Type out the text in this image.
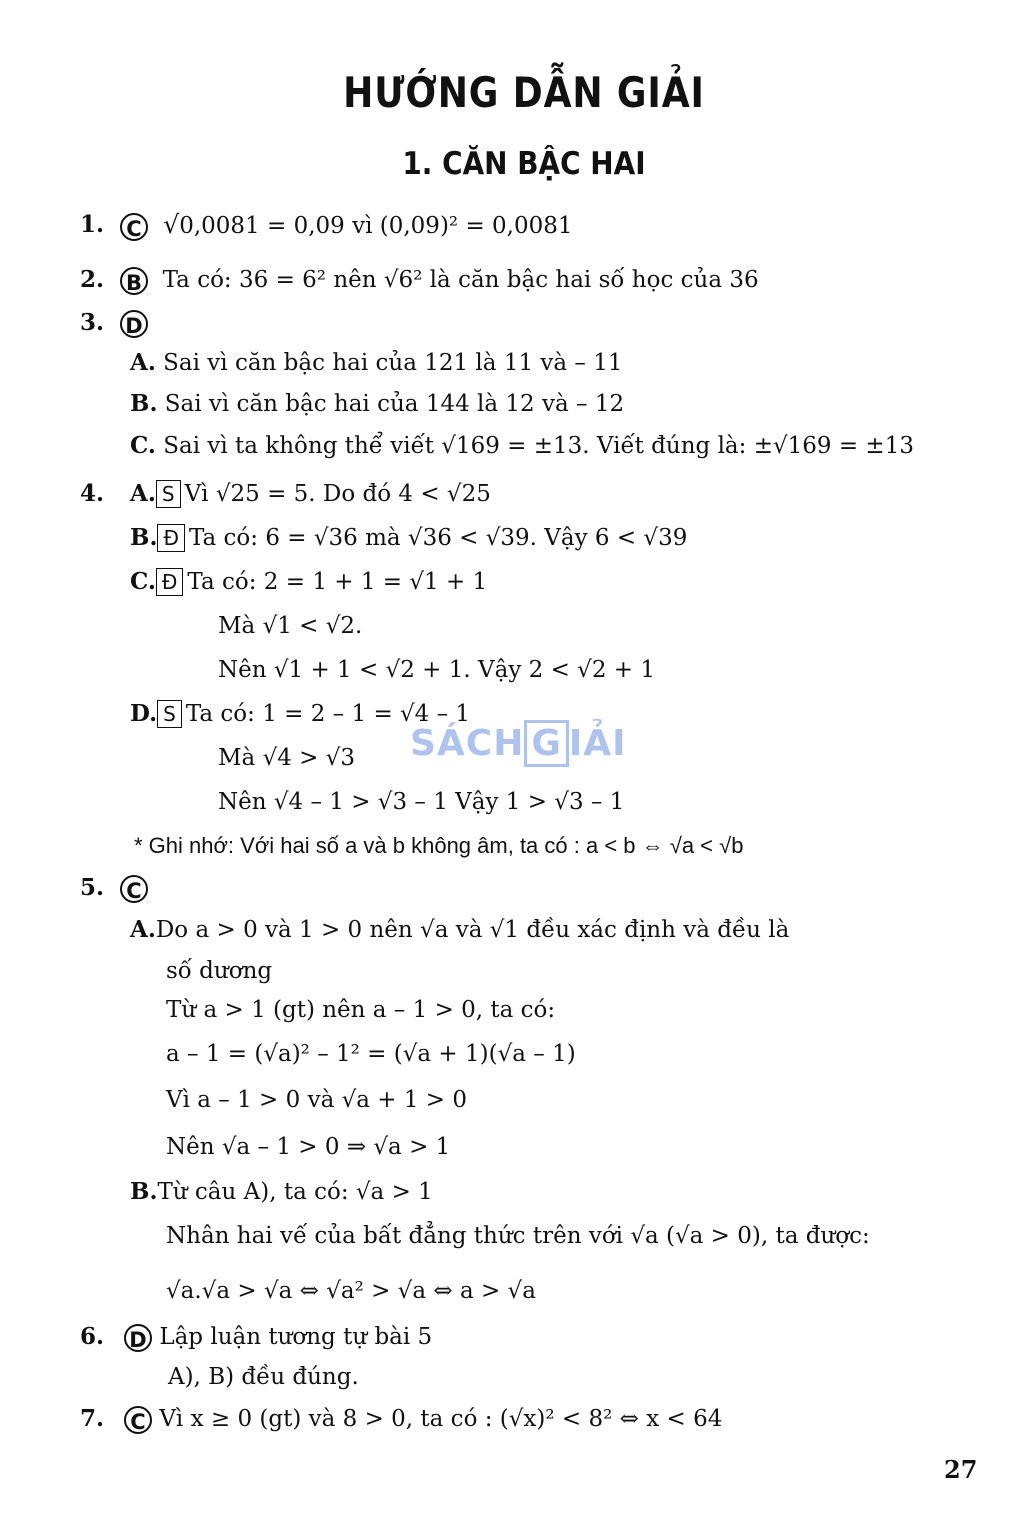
HƯỚNG DẪN GIẢI
1. CĂN BẬC HAI
1. C  √0,0081 = 0,09 vì (0,09)² = 0,0081
2. B Ta có: 36 = 6² nên √6² là căn bậc hai số học của 36
3. D
A. Sai vì căn bậc hai của 121 là 11 và – 11
B. Sai vì căn bậc hai của 144 là 12 và – 12
C. Sai vì ta không thể viết √169 = ±13. Viết đúng là: ±√169 = ±13
4. A. S Vì √25 = 5. Do đó 4 < √25
B. Đ Ta có: 6 = √36 mà √36 < √39. Vậy 6 < √39
C. Đ Ta có: 2 = 1 + 1 = √1 + 1
Mà √1 < √2.
Nên √1 + 1 < √2 + 1. Vậy 2 < √2 + 1
D. S Ta có: 1 = 2 – 1 = √4 – 1
Mà √4 > √3
Nên √4 – 1 > √3 – 1 Vậy 1 > √3 – 1
* Ghi nhớ: Với hai số a và b không âm, ta có : a < b ⇔ √a < √b
5. C
A.Do a > 0 và 1 > 0 nên √a và √1 đều xác định và đều là
số dương
Từ a > 1 (gt) nên a – 1 > 0, ta có:
a – 1 = (√a)² – 1² = (√a + 1)(√a – 1)
Vì a – 1 > 0 và √a + 1 > 0
Nên √a – 1 > 0 ⇒ √a > 1
B.Từ câu A), ta có: √a > 1
Nhân hai vế của bất đẳng thức trên với √a (√a > 0), ta được:
√a.√a > √a ⇔ √a² > √a ⇔ a > √a
6. D Lập luận tương tự bài 5
A), B) đều đúng.
7. C Vì x ≥ 0 (gt) và 8 > 0, ta có : (√x)² < 8² ⇔ x < 64
SÁCH G IẢI
27
